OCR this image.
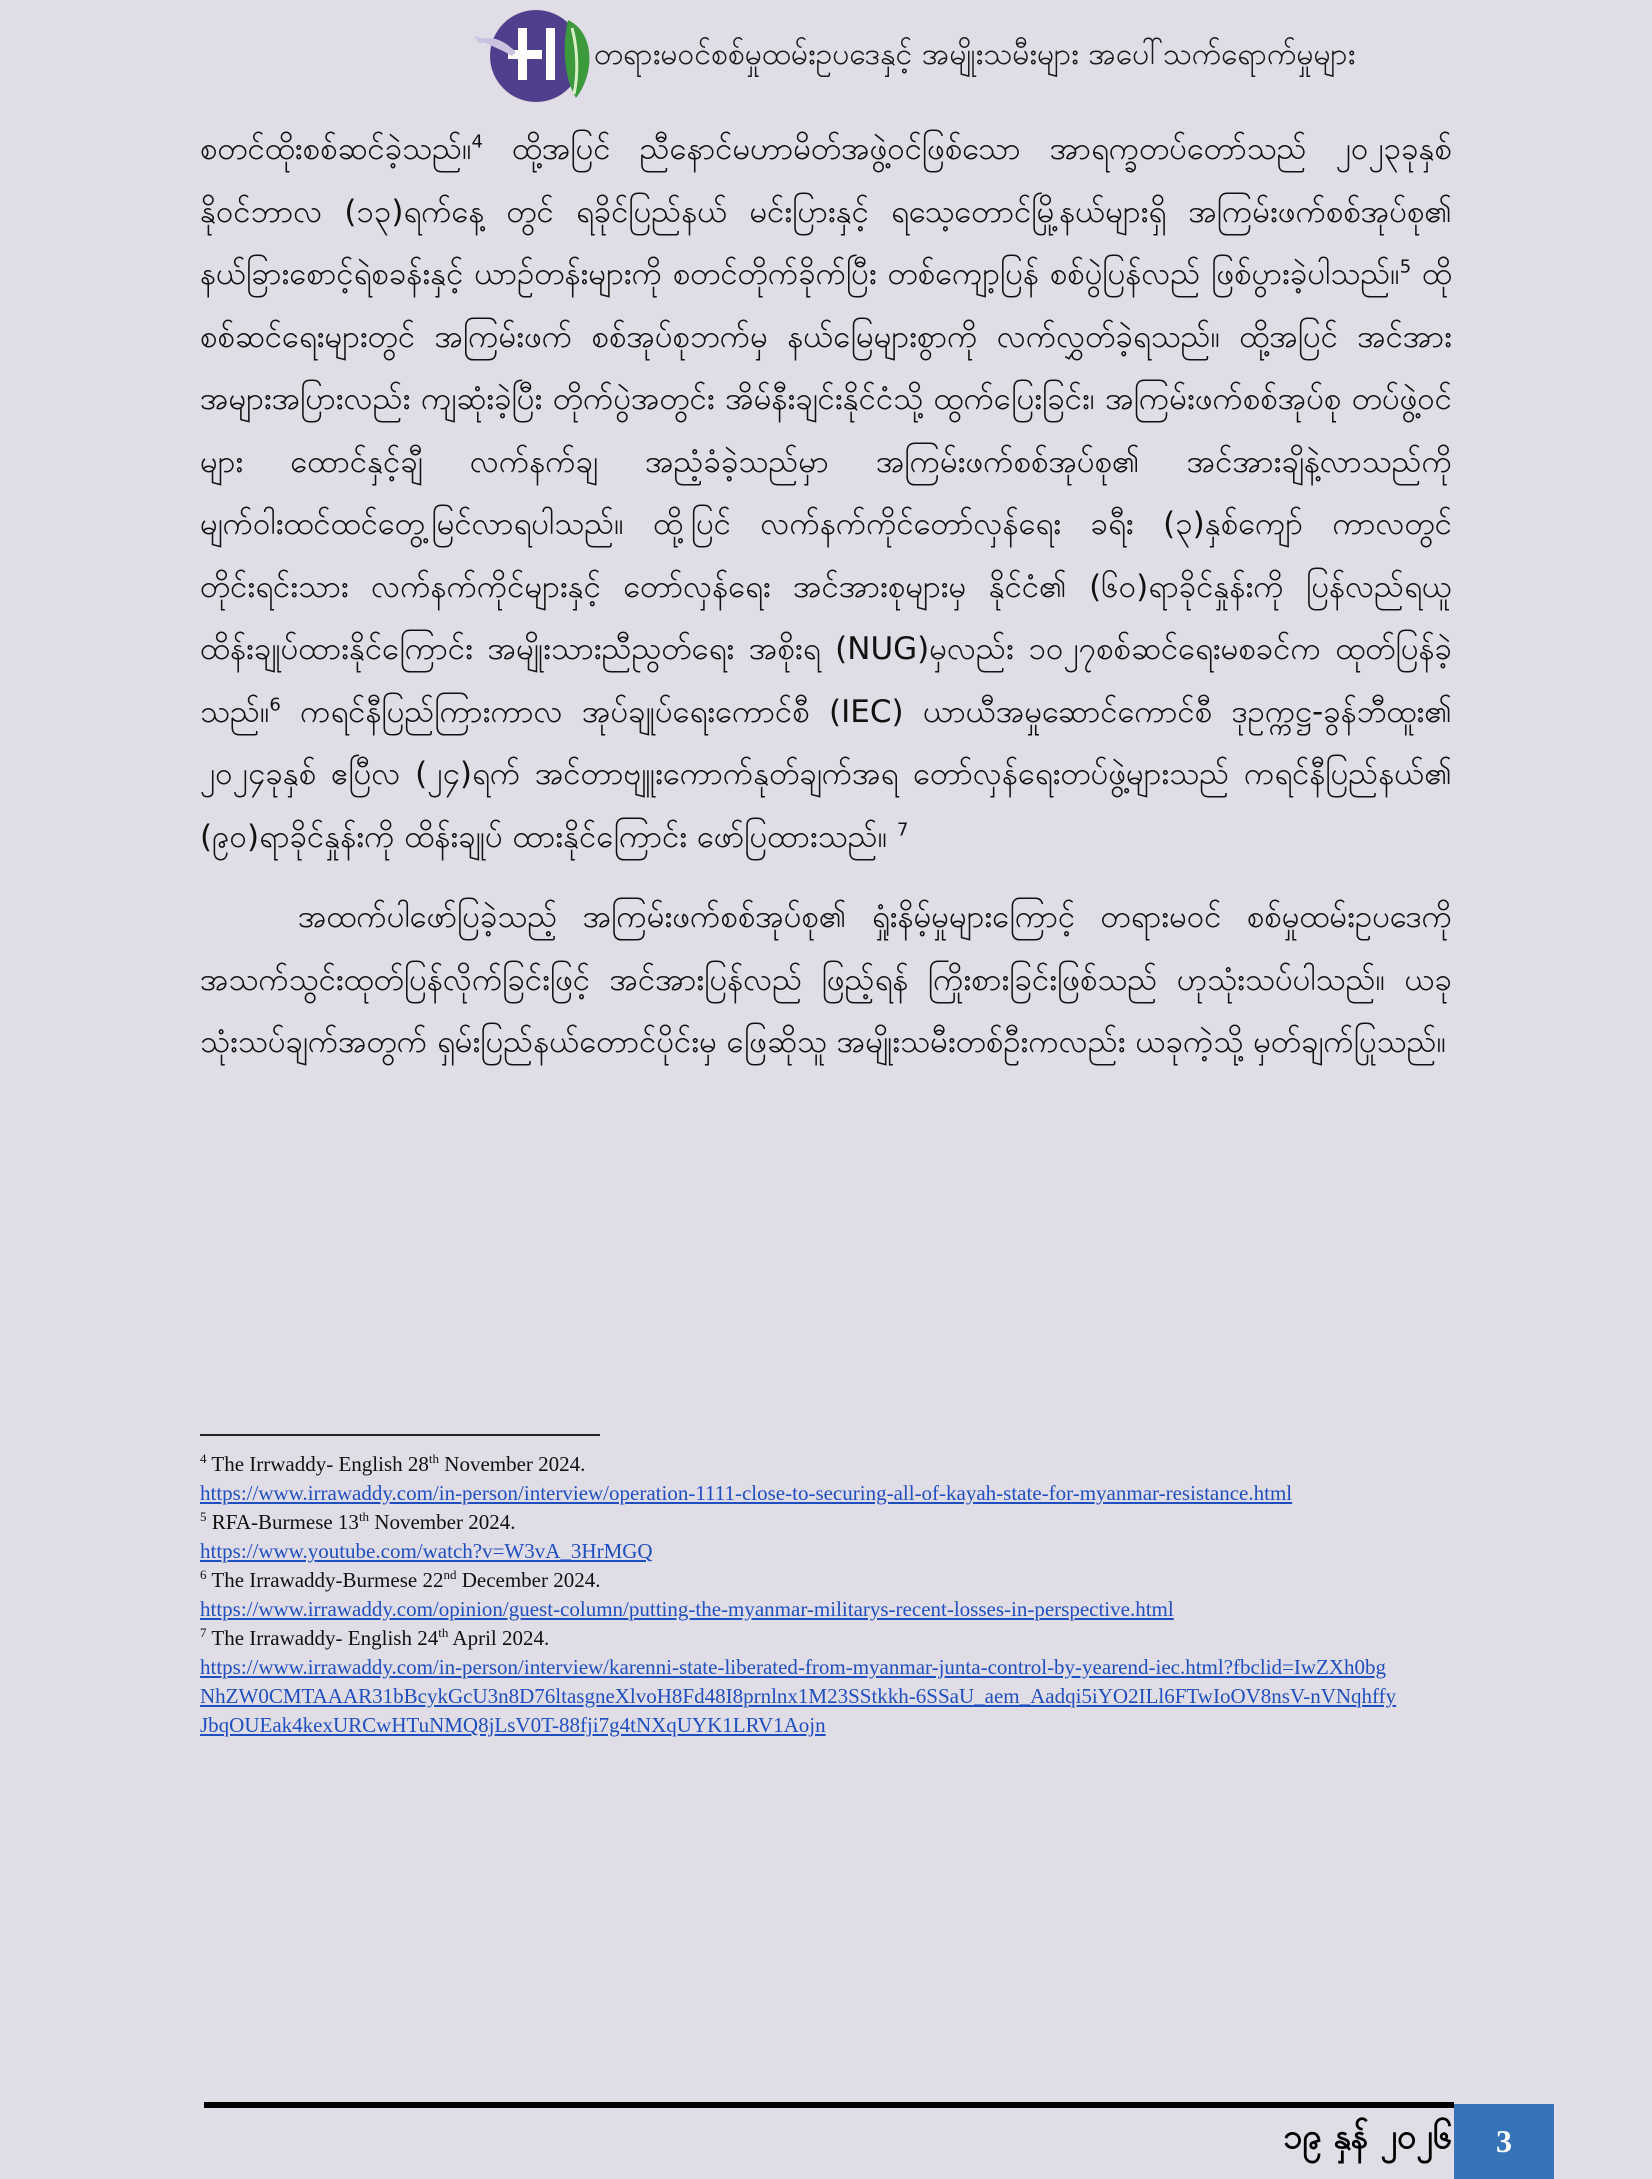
တရားမဝင်စစ်မှုထမ်းဥပဒေနှင့် အမျိုးသမီးများ အပေါ်သက်ရောက်မှုများ

စတင်ထိုးစစ်ဆင်ခဲ့သည်။$^4$ ထို့အပြင် ညီနောင်မဟာမိတ်အဖွဲ့ဝင်ဖြစ်သော အာရက္ခတပ်တော်သည် ၂၀၂၃ခုနှစ် နိုဝင်ဘာလ (၁၃)ရက်နေ့ တွင် ရခိုင်ပြည်နယ် မင်းပြားနှင့် ရသေ့တောင်မြို့နယ်များရှိ အကြမ်းဖက်စစ်အုပ်စု၏ နယ်ခြားစောင့်ရဲစခန်းနှင့် ယာဉ်တန်းများကို စတင်တိုက်ခိုက်ပြီး တစ်ကျော့ပြန် စစ်ပွဲပြန်လည် ဖြစ်ပွားခဲ့ပါသည်။$^5$ ထိုစစ်ဆင်ရေးများတွင် အကြမ်းဖက် စစ်အုပ်စုဘက်မှ နယ်မြေများစွာကို လက်လွှတ်ခဲ့ရသည်။ ထို့အပြင် အင်အားအများအပြားလည်း ကျဆုံးခဲ့ပြီး တိုက်ပွဲအတွင်း အိမ်နီးချင်းနိုင်ငံသို့ ထွက်ပြေးခြင်း၊ အကြမ်းဖက်စစ်အုပ်စု တပ်ဖွဲ့ဝင်များ ထောင်နှင့်ချီ လက်နက်ချ အညံ့ခံခဲ့သည်မှာ အကြမ်းဖက်စစ်အုပ်စု၏ အင်အားချိနဲ့လာသည်ကို မျက်ဝါးထင်ထင်တွေ့မြင်လာရပါသည်။ ထို့ပြင် လက်နက်ကိုင်တော်လှန်ရေး ခရီး (၃)နှစ်ကျော် ကာလတွင် တိုင်းရင်းသား လက်နက်ကိုင်များနှင့် တော်လှန်ရေး အင်အားစုများမှ နိုင်ငံ၏ (၆၀)ရာခိုင်နှုန်းကို ပြန်လည်ရယူ ထိန်းချုပ်ထားနိုင်ကြောင်း အမျိုးသားညီညွတ်ရေး အစိုးရ (NUG)မှလည်း ၁၀၂၇စစ်ဆင်ရေးမစခင်က ထုတ်ပြန်ခဲ့သည်။$^6$ ကရင်နီပြည်ကြားကာလ အုပ်ချုပ်ရေးကောင်စီ (IEC) ယာယီအမှုဆောင်ကောင်စီ ဒုဥက္ကဋ္ဌ-ခွန်ဘီထူး၏ ၂၀၂၄ခုနှစ် ဧပြီလ (၂၄)ရက် အင်တာဗျူးကောက်နုတ်ချက်အရ တော်လှန်ရေးတပ်ဖွဲ့များသည် ကရင်နီပြည်နယ်၏ (၉၀)ရာခိုင်နှုန်းကို ထိန်းချုပ် ထားနိုင်ကြောင်း ဖော်ပြထားသည်။ $^7$

အထက်ပါဖော်ပြခဲ့သည့် အကြမ်းဖက်စစ်အုပ်စု၏ ရှုံးနိမ့်မှုများကြောင့် တရားမဝင် စစ်မှုထမ်းဥပဒေကို အသက်သွင်းထုတ်ပြန်လိုက်ခြင်းဖြင့် အင်အားပြန်လည် ဖြည့်ရန် ကြိုးစားခြင်းဖြစ်သည် ဟုသုံးသပ်ပါသည်။ ယခုသုံးသပ်ချက်အတွက် ရှမ်းပြည်နယ်တောင်ပိုင်းမှ ဖြေဆိုသူ အမျိုးသမီးတစ်ဦးကလည်း ယခုကဲ့သို့ မှတ်ချက်ပြုသည်။

$^4$ The Irrwaddy- English 28th November 2024.
https://www.irrawaddy.com/in-person/interview/operation-1111-close-to-securing-all-of-kayah-state-for-myanmar-resistance.html
$^5$ RFA-Burmese 13th November 2024.
https://www.youtube.com/watch?v=W3vA_3HrMGQ
$^6$ The Irrawaddy-Burmese 22nd December 2024.
https://www.irrawaddy.com/opinion/guest-column/putting-the-myanmar-militarys-recent-losses-in-perspective.html
$^7$ The Irrawaddy- English 24th April 2024.
https://www.irrawaddy.com/in-person/interview/karenni-state-liberated-from-myanmar-junta-control-by-yearend-iec.html?fbclid=IwZXh0bgNhZW0CMTAAAR31bBcykGcU3n8D76ltasgneXlvoH8Fd48I8prnlnx1M23SStkkh-6SSaU_aem_Aadqi5iYO2ILl6FTwIoOV8nsV-nVNqhffyJbqOUEak4kexURCwHTuNMQ8jLsV0T-88fji7g4tNXqUYK1LRV1Aojn
၁၉ နှန် ၂၀၂၆	3
